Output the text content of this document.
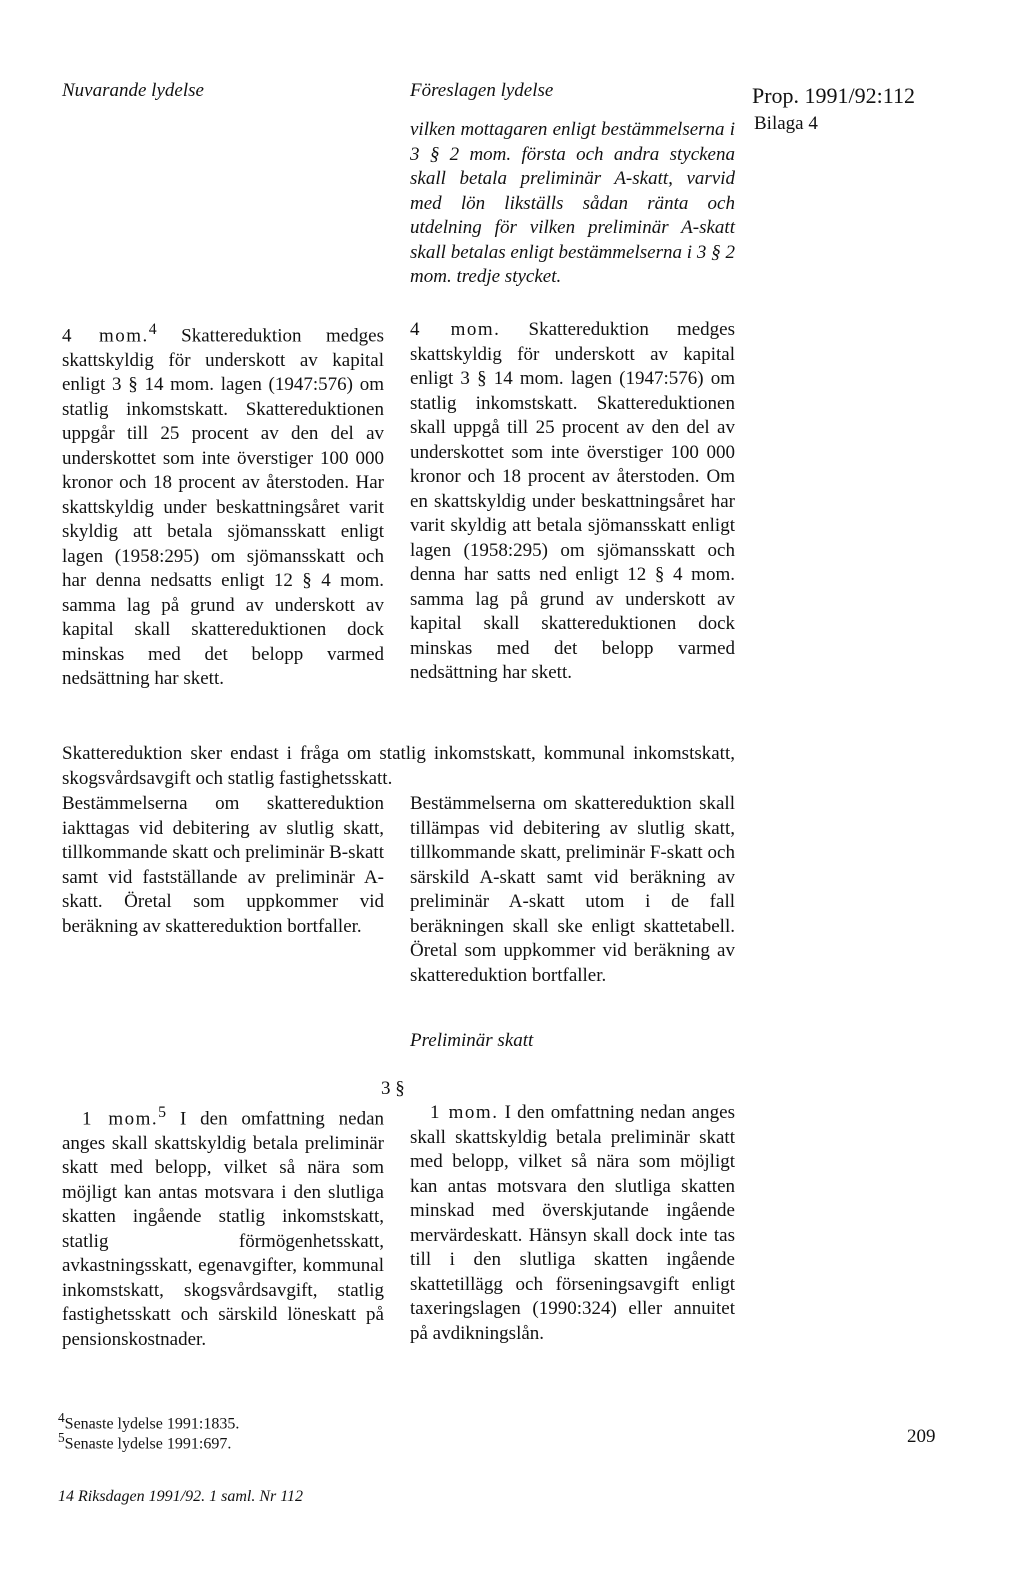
Nuvarande lydelse	Föreslagen lydelse	Prop. 1991/92:112
Bilaga 4

vilken mottagaren enligt bestämmelserna i 3 § 2 mom. första och andra styckena skall betala preliminär A-skatt, varvid med lön likställs sådan ränta och utdelning för vilken preliminär A-skatt skall betalas enligt bestämmelserna i 3 § 2 mom. tredje stycket.

4 mom.$^4$ Skattereduktion medges skattskyldig för underskott av kapital enligt 3 § 14 mom. lagen (1947:576) om statlig inkomstskatt. Skattereduktionen uppgår till 25 procent av den del av underskottet som inte överstiger 100 000 kronor och 18 procent av återstoden. Har skattskyldig under beskattningsåret varit skyldig att betala sjömansskatt enligt lagen (1958:295) om sjömansskatt och har denna nedsatts enligt 12 § 4 mom. samma lag på grund av underskott av kapital skall skattereduktionen dock minskas med det belopp varmed nedsättning har skett.

4 mom. Skattereduktion medges skattskyldig för underskott av kapital enligt 3 § 14 mom. lagen (1947:576) om statlig inkomstskatt. Skattereduktionen skall uppgå till 25 procent av den del av underskottet som inte överstiger 100 000 kronor och 18 procent av återstoden. Om en skattskyldig under beskattningsåret har varit skyldig att betala sjömansskatt enligt lagen (1958:295) om sjömansskatt och denna har satts ned enligt 12 § 4 mom. samma lag på grund av underskott av kapital skall skattereduktionen dock minskas med det belopp varmed nedsättning har skett.

Skattereduktion sker endast i fråga om statlig inkomstskatt, kommunal inkomstskatt, skogsvårdsavgift och statlig fastighetsskatt.

Bestämmelserna om skattereduktion iakttagas vid debitering av slutlig skatt, tillkommande skatt och preliminär B-skatt samt vid fastställande av preliminär A-skatt. Öretal som uppkommer vid beräkning av skattereduktion bortfaller.

Bestämmelserna om skattereduktion skall tillämpas vid debitering av slutlig skatt, tillkommande skatt, preliminär F-skatt och särskild A-skatt samt vid beräkning av preliminär A-skatt utom i de fall beräkningen skall ske enligt skattetabell. Öretal som uppkommer vid beräkning av skattereduktion bortfaller.

Preliminär skatt
3 §

1 mom.$^5$ I den omfattning nedan anges skall skattskyldig betala preliminär skatt med belopp, vilket så nära som möjligt kan antas motsvara i den slutliga skatten ingående statlig inkomstskatt, statlig förmögenhetsskatt, avkastningsskatt, egenavgifter, kommunal inkomstskatt, skogsvårdsavgift, statlig fastighetsskatt och särskild löneskatt på pensionskostnader.

1 mom. I den omfattning nedan anges skall skattskyldig betala preliminär skatt med belopp, vilket så nära som möjligt kan antas motsvara den slutliga skatten minskad med överskjutande ingående mervärdeskatt. Hänsyn skall dock inte tas till i den slutliga skatten ingående skattetillägg och förseningsavgift enligt taxeringslagen (1990:324) eller annuitet på avdikningslån.

$^4$Senaste lydelse 1991:1835.
$^5$Senaste lydelse 1991:697.	209
14 Riksdagen 1991/92. 1 saml. Nr 112
